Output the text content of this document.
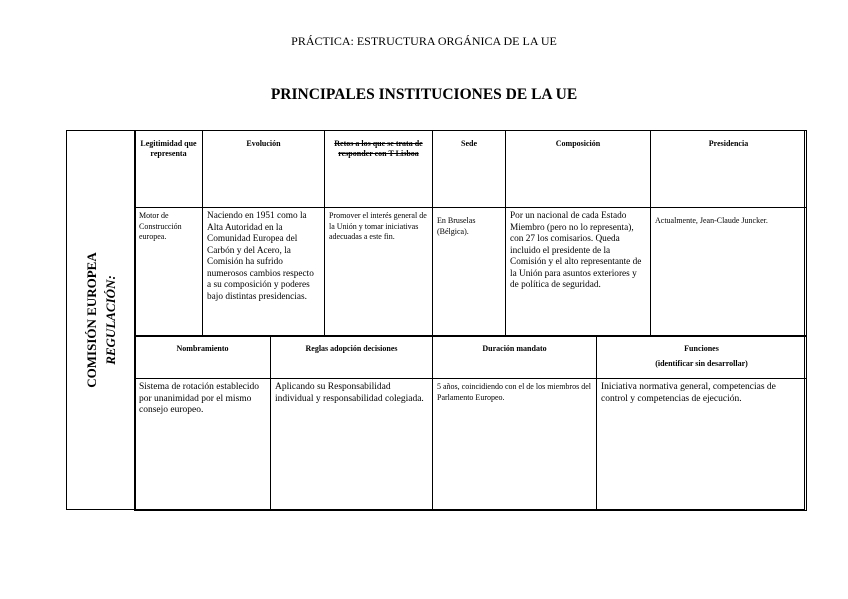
PRÁCTICA: ESTRUCTURA ORGÁNICA DE LA UE
PRINCIPALES INSTITUCIONES DE LA UE
COMISIÓN EUROPEA REGULACIÓN:
Legitimidad que representa	Evolución	Retos a los que se trata de responder con T Lisboa	Sede	Composición	Presidencia
Motor de Construcción europea.	Naciendo en 1951 como la Alta Autoridad en la Comunidad Europea del Carbón y del Acero, la Comisión ha sufrido numerosos cambios respecto a su composición y poderes bajo distintas presidencias.	Promover el interés general de la Unión y tomar iniciativas adecuadas a este fin.	En Bruselas (Bélgica).	Por un nacional de cada Estado Miembro (pero no lo representa), con 27 los comisarios. Queda incluido el presidente de la Comisión y el alto representante de la Unión para asuntos exteriores y de política de seguridad.	Actualmente, Jean-Claude Juncker.
Nombramiento	Reglas adopción decisiones	Duración mandato	Funciones
(identificar sin desarrollar)

Sistema de rotación establecido por unanimidad por el mismo consejo europeo.	Aplicando su Responsabilidad individual y responsabilidad colegiada.	5 años, coincidiendo con el de los miembros del Parlamento Europeo.	Iniciativa normativa general, competencias de control y competencias de ejecución.
